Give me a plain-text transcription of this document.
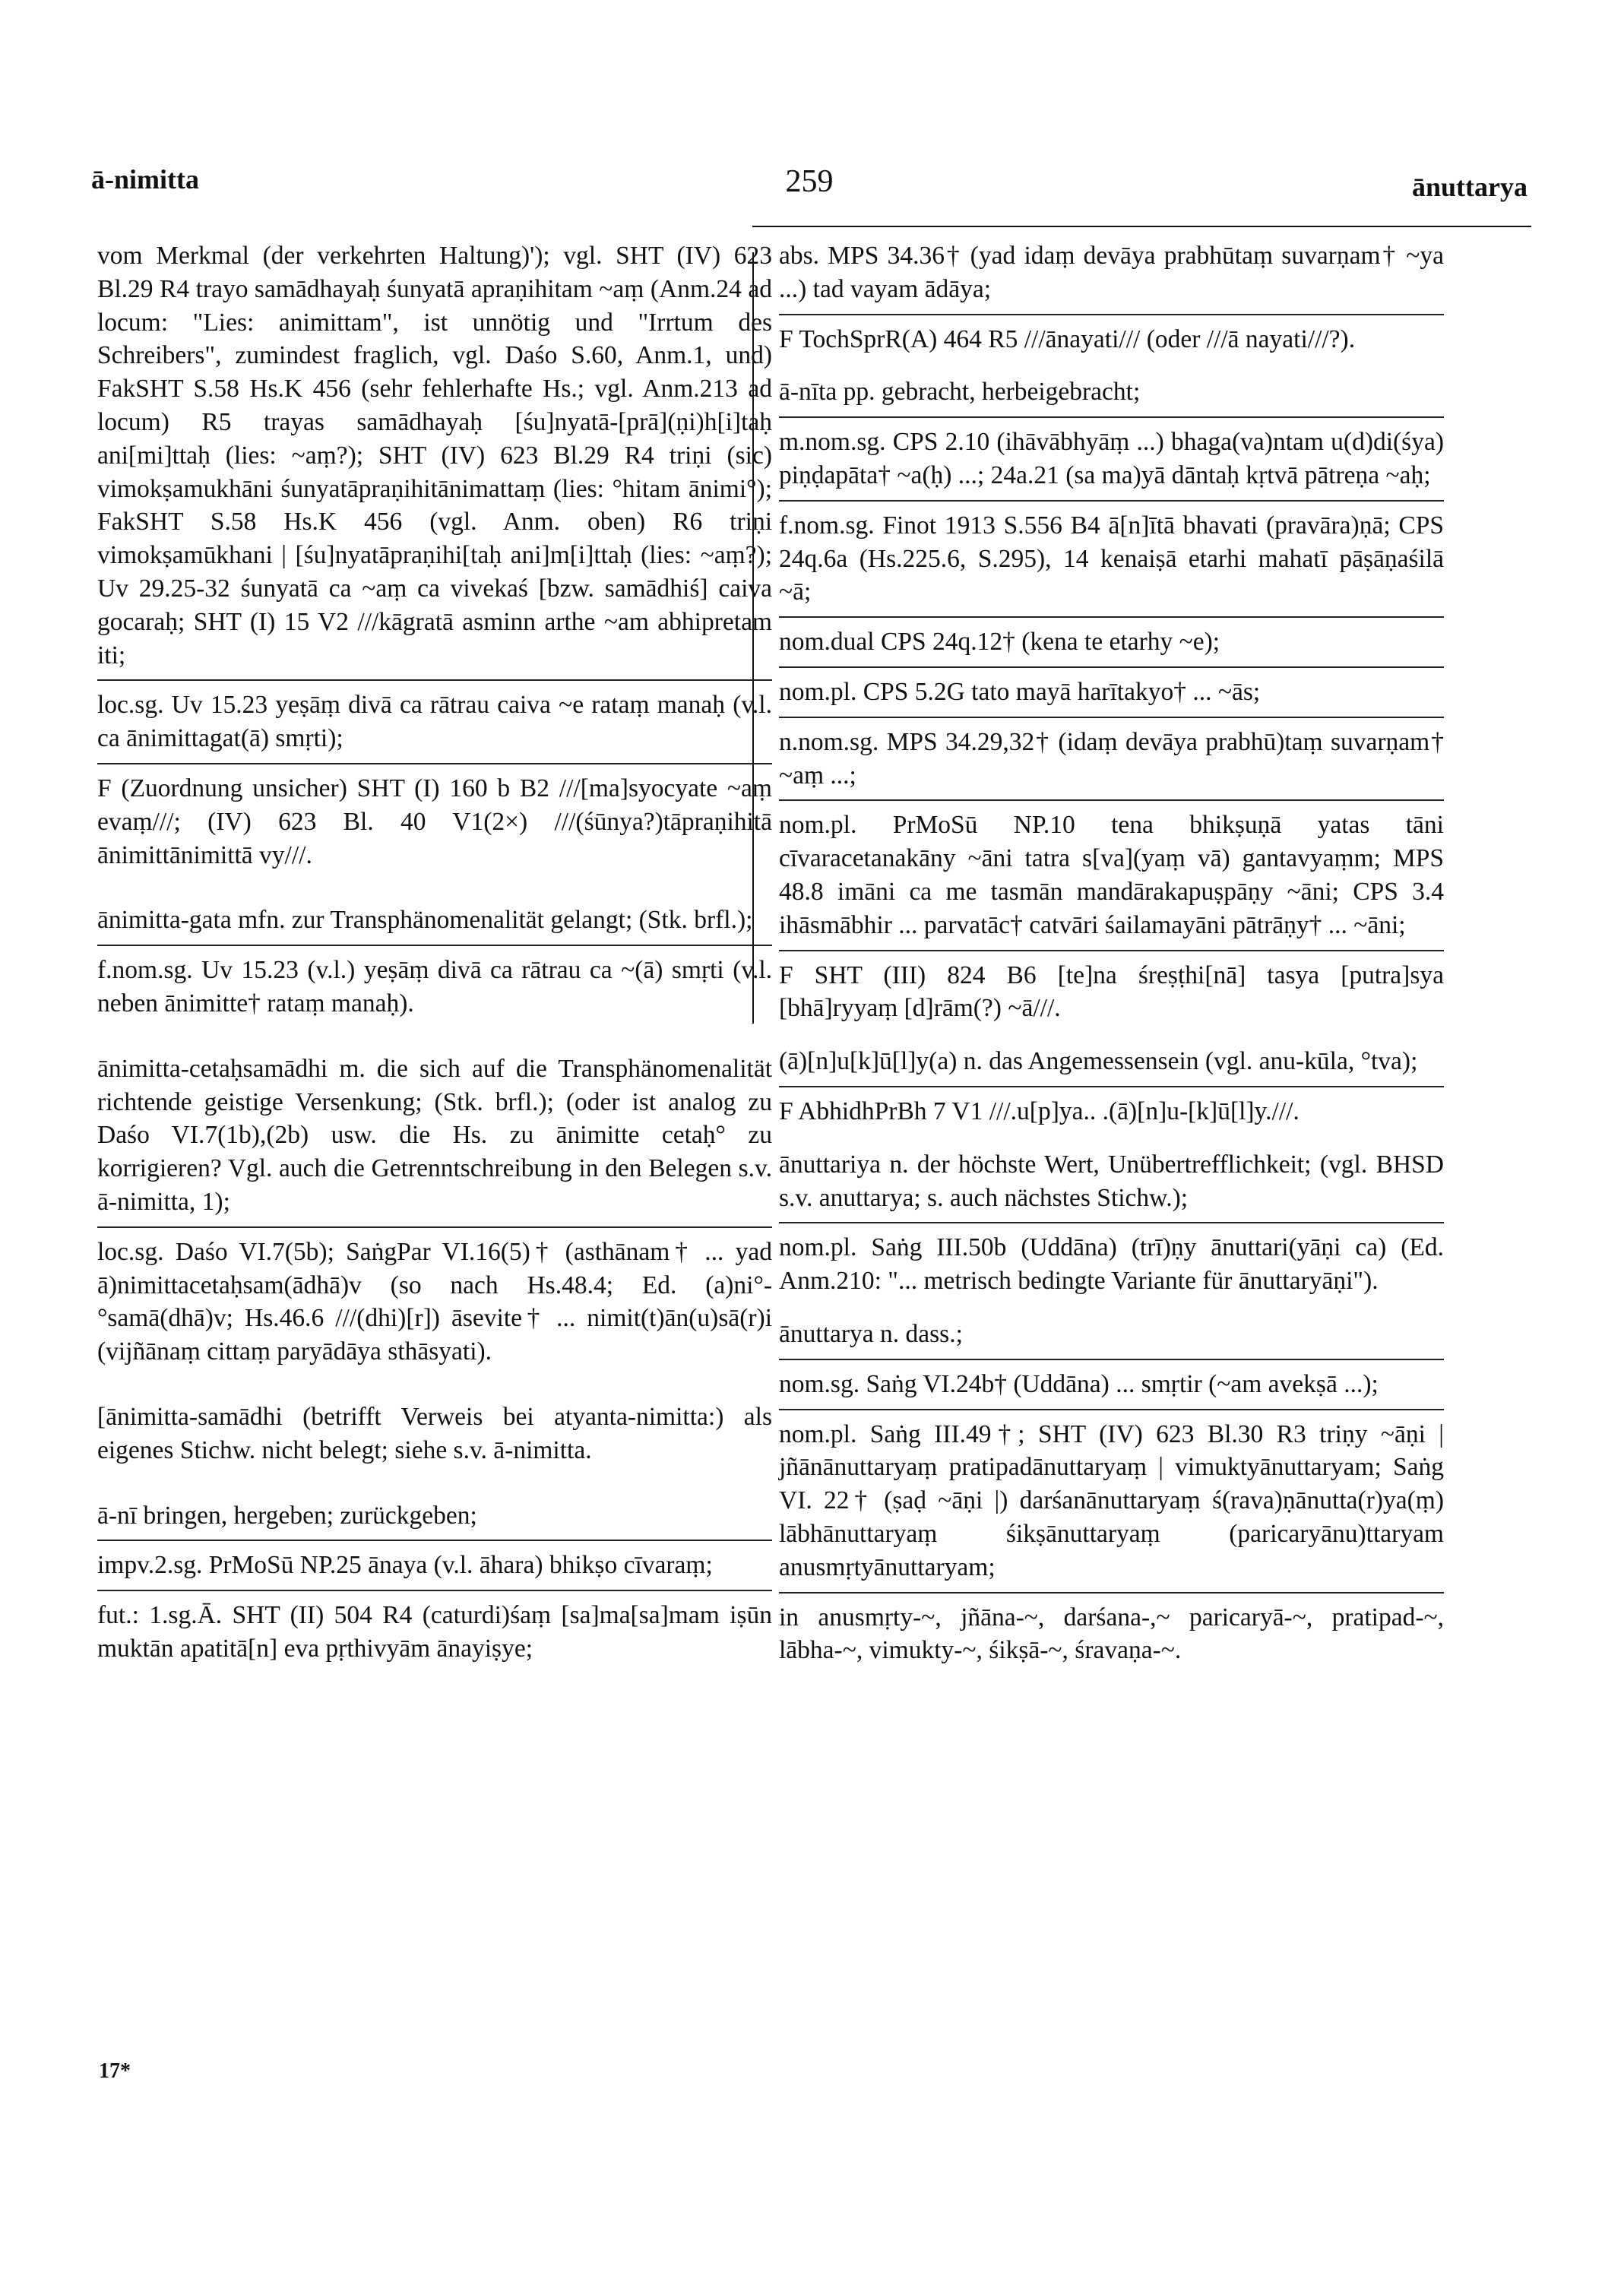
ā-nimitta	259	ānuttarya
vom Merkmal (der verkehrten Haltung)'); vgl. SHT (IV) 623 Bl.29 R4 trayo samādhayaḥ śunyatā apraṇihitam ~aṃ (Anm.24 ad locum: "Lies: animittam", ist unnötig und "Irrtum des Schreibers", zumindest fraglich, vgl. Daśo S.60, Anm.1, und) FakSHT S.58 Hs.K 456 (sehr fehlerhafte Hs.; vgl. Anm.213 ad locum) R5 trayas samādhayaḥ [śu]nyatā-[prā](ṇi)h[i]taḥ ani[mi]ttaḥ (lies: ~aṃ?); SHT (IV) 623 Bl.29 R4 triṇi (sic) vimokṣamukhāni śunyatāpraṇihitānimattaṃ (lies: °hitam ānimi°); FakSHT S.58 Hs.K 456 (vgl. Anm. oben) R6 triṇi vimokṣamūkhani | [śu]nyatāpraṇihi[taḥ ani]m[i]ttaḥ (lies: ~aṃ?); Uv 29.25-32 śunyatā ca ~aṃ ca vivekaś [bzw. samādhiś] caiva gocaraḥ; SHT (I) 15 V2 ///kāgratā asminn arthe ~am abhipretam iti;
loc.sg. Uv 15.23 yeṣāṃ divā ca rātrau caiva ~e rataṃ manaḥ (v.l. ca ānimittagat(ā) smṛti);
F (Zuordnung unsicher) SHT (I) 160 b B2 ///[ma]syocyate ~aṃ evaṃ///; (IV) 623 Bl. 40 V1(2×) ///(śūnya?)tāpraṇihitā ānimittānimittā vy///.
ānimitta-gata mfn. zur Transphänomenalität gelangt; (Stk. brfl.);
f.nom.sg. Uv 15.23 (v.l.) yeṣāṃ divā ca rātrau ca ~(ā) smṛti (v.l. neben ānimitte† rataṃ manaḥ).
ānimitta-cetaḥsamādhi m. die sich auf die Transphänomenalität richtende geistige Versenkung; (Stk. brfl.); (oder ist analog zu Daśo VI.7(1b),(2b) usw. die Hs. zu ānimitte cetaḥ° zu korrigieren? Vgl. auch die Getrenntschreibung in den Belegen s.v. ā-nimitta, 1);
loc.sg. Daśo VI.7(5b); SaṅgPar VI.16(5)† (asthānam† ... yad ā)nimittacetaḥsam(ādhā)v (so nach Hs.48.4; Ed. (a)ni°-°samā(dhā)v; Hs.46.6 ///(dhi)[r]) āsevite† ... nimit(t)ān(u)sā(r)i (vijñānaṃ cittaṃ paryādāya sthāsyati).
[ānimitta-samādhi (betrifft Verweis bei atyanta-nimitta:) als eigenes Stichw. nicht belegt; siehe s.v. ā-nimitta.
ā-nī bringen, hergeben; zurückgeben;
impv.2.sg. PrMoSū NP.25 ānaya (v.l. āhara) bhikṣo cīvaraṃ;
fut.: 1.sg.Ā. SHT (II) 504 R4 (caturdi)śaṃ [sa]ma[sa]mam iṣūn muktān apatitā[n] eva pṛthivyām ānayiṣye;
abs. MPS 34.36† (yad idaṃ devāya prabhūtaṃ suvarṇam† ~ya ...) tad vayam ādāya;
F TochSprR(A) 464 R5 ///ānayati/// (oder ///ā nayati///?).
ā-nīta pp. gebracht, herbeigebracht;
m.nom.sg. CPS 2.10 (ihāvābhyāṃ ...) bhaga(va)ntam u(d)di(śya) piṇḍapāta† ~a(ḥ) ...; 24a.21 (sa ma)yā dāntaḥ kṛtvā pātreṇa ~aḥ;
f.nom.sg. Finot 1913 S.556 B4 ā[n]ītā bhavati (pravāra)ṇā; CPS 24q.6a (Hs.225.6, S.295), 14 kenaiṣā etarhi mahatī pāṣāṇaśilā ~ā;
nom.dual CPS 24q.12† (kena te etarhy ~e);
nom.pl. CPS 5.2G tato mayā harītakyo† ... ~ās;
n.nom.sg. MPS 34.29,32† (idaṃ devāya prabhū)taṃ suvarṇam† ~aṃ ...;
nom.pl. PrMoSū NP.10 tena bhikṣuṇā yatas tāni cīvaracetanakāny ~āni tatra s[va](yaṃ vā) gantavyaṃm; MPS 48.8 imāni ca me tasmān mandārakapuṣpāṇy ~āni; CPS 3.4 ihāsmābhir ... parvatāc† catvāri śailamayāni pātrāṇy† ... ~āni;
F SHT (III) 824 B6 [te]na śreṣṭhi[nā] tasya [putra]sya [bhā]ryyaṃ [d]rām(?) ~ā///.
(ā)[n]u[k]ū[l]y(a) n. das Angemessensein (vgl. anu-kūla, °tva);
F AbhidhPrBh 7 V1 ///.u[p]ya.. .(ā)[n]u-[k]ū[l]y.///.
ānuttariya n. der höchste Wert, Unübertrefflichkeit; (vgl. BHSD s.v. anuttarya; s. auch nächstes Stichw.);
nom.pl. Saṅg III.50b (Uddāna) (trī)ṇy ānuttari(yāṇi ca) (Ed. Anm.210: "... metrisch bedingte Variante für ānuttaryāṇi").
ānuttarya n. dass.;
nom.sg. Saṅg VI.24b† (Uddāna) ... smṛtir (~am avekṣā ...);
nom.pl. Saṅg III.49†; SHT (IV) 623 Bl.30 R3 triṇy ~āṇi | jñānānuttaryaṃ pratipadānuttaryaṃ | vimuktyānuttaryam; Saṅg VI. 22† (ṣaḍ ~āṇi |) darśanānuttaryaṃ ś(rava)ṇānutta(r)ya(ṃ) lābhānuttaryaṃ śikṣānuttaryaṃ (paricaryānu)ttaryam anusmṛtyānuttaryam;
in anusmṛty-~, jñāna-~, darśana-,~ paricaryā-~, pratipad-~, lābha-~, vimukty-~, śikṣā-~, śravaṇa-~.
17*
